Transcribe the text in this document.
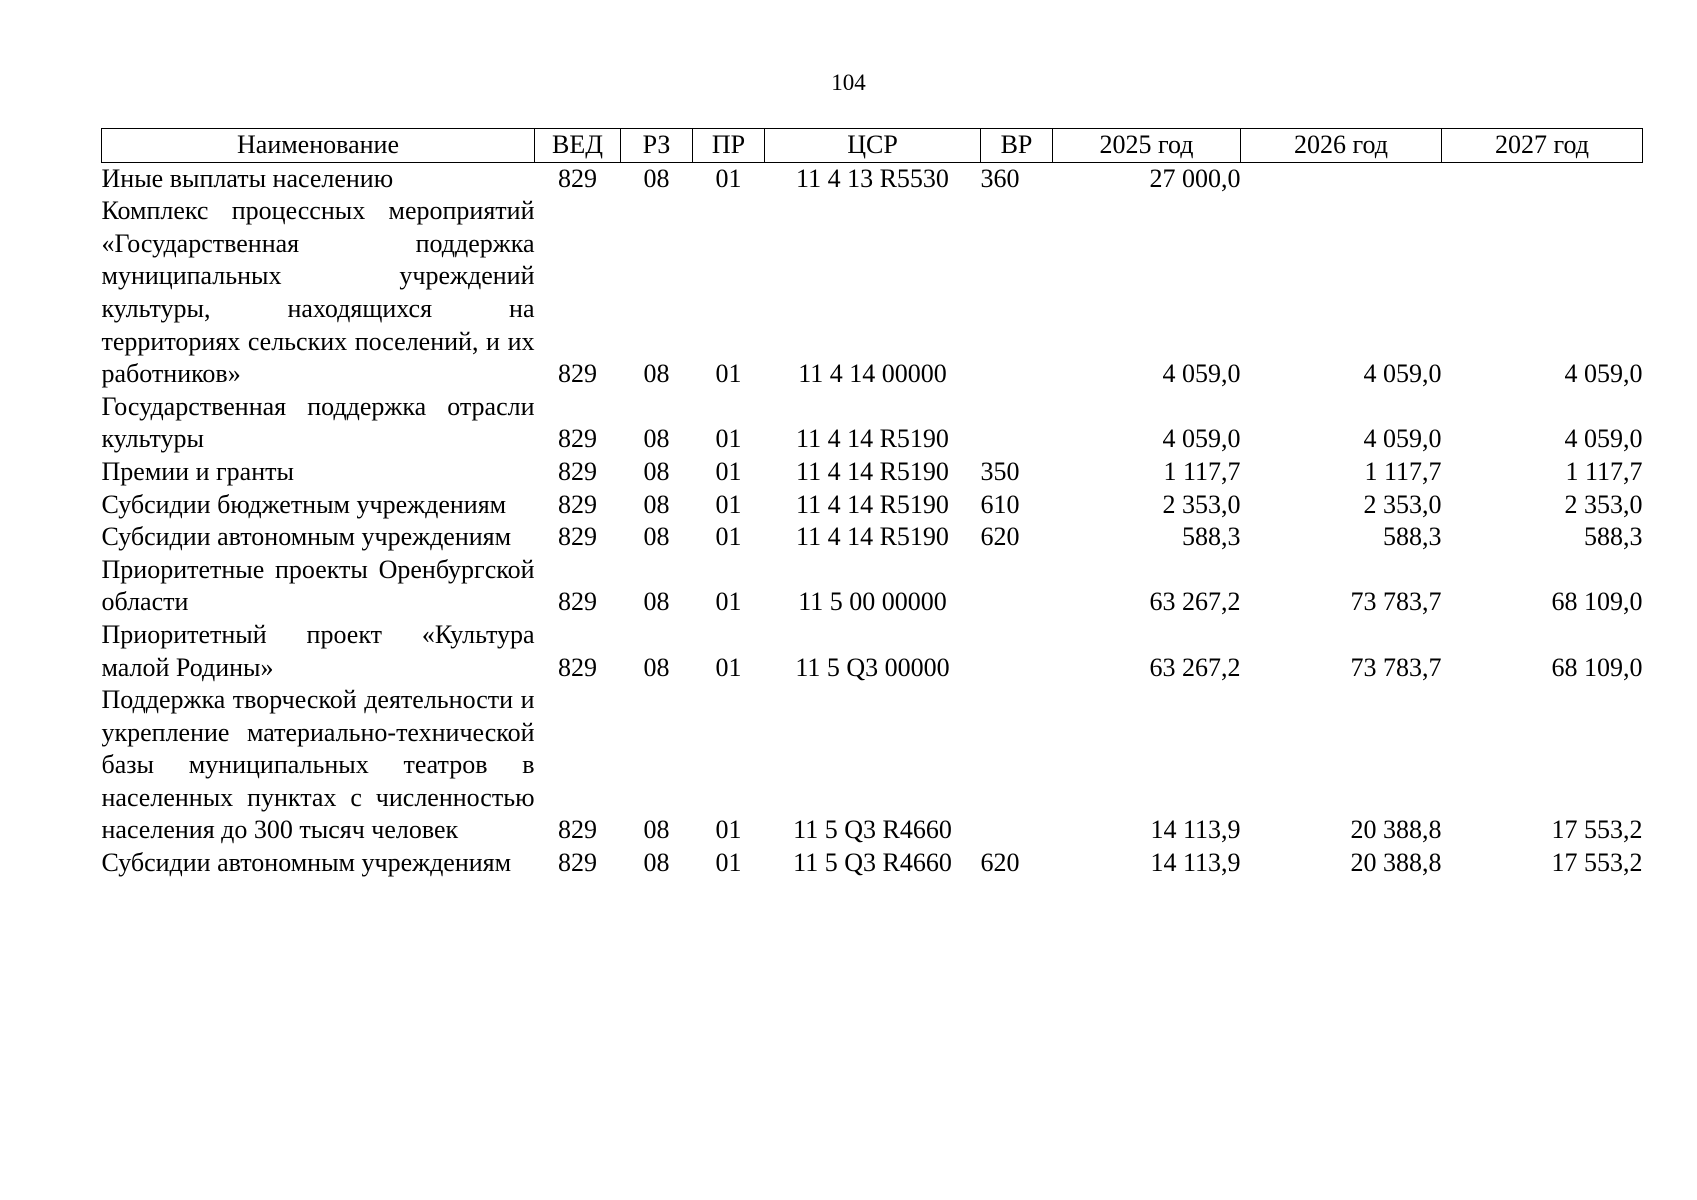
104
Наименование	ВЕД	РЗ	ПР	ЦСР	ВР	2025 год	2026 год	2027 год
Иные выплаты населению	829	08	01	11 4 13 R5530	360	27 000,0		
Комплекс процессных мероприятий «Государственная поддержка муниципальных учреждений культуры, находящихся на территориях сельских поселений, и их работников»	829	08	01	11 4 14 00000		4 059,0	4 059,0	4 059,0
Государственная поддержка отрасли культуры	829	08	01	11 4 14 R5190		4 059,0	4 059,0	4 059,0
Премии и гранты	829	08	01	11 4 14 R5190	350	1 117,7	1 117,7	1 117,7
Субсидии бюджетным учреждениям	829	08	01	11 4 14 R5190	610	2 353,0	2 353,0	2 353,0
Субсидии автономным учреждениям	829	08	01	11 4 14 R5190	620	588,3	588,3	588,3
Приоритетные проекты Оренбургской области	829	08	01	11 5 00 00000		63 267,2	73 783,7	68 109,0
Приоритетный проект «Культура малой Родины»	829	08	01	11 5 Q3 00000		63 267,2	73 783,7	68 109,0
Поддержка творческой деятельности и укрепление материально-технической базы муниципальных театров в населенных пунктах с численностью населения до 300 тысяч человек	829	08	01	11 5 Q3 R4660		14 113,9	20 388,8	17 553,2
Субсидии автономным учреждениям	829	08	01	11 5 Q3 R4660	620	14 113,9	20 388,8	17 553,2
